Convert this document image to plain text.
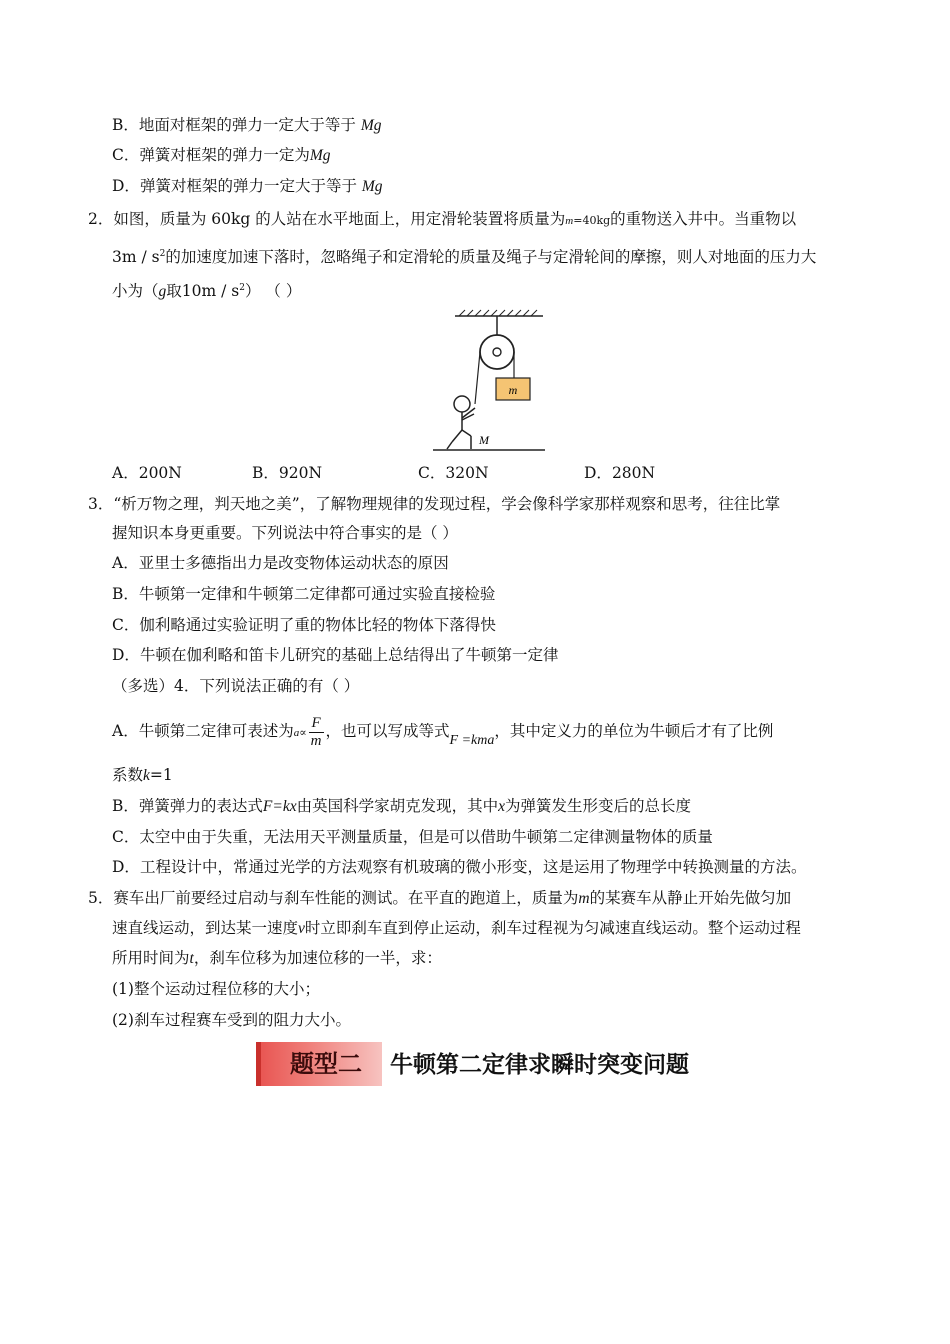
B．地面对框架的弹力一定大于等于 Mg
C．弹簧对框架的弹力一定为Mg
D．弹簧对框架的弹力一定大于等于 Mg
2．如图，质量为 60kg 的人站在水平地面上，用定滑轮装置将质量为m=40kg的重物送入井中。当重物以
$3m / s^2$的加速度加速下落时，忽略绳子和定滑轮的质量及绳子与定滑轮间的摩擦，则人对地面的压力大
小为（g取$10m / s^2$） （ ）
m
M
A．200N	B．920N	C．320N	D．280N
3．“析万物之理，判天地之美”，了解物理规律的发现过程，学会像科学家那样观察和思考，往往比掌
握知识本身更重要。下列说法中符合事实的是（ ）
A．亚里士多德指出力是改变物体运动状态的原因
B．牛顿第一定律和牛顿第二定律都可通过实验直接检验
C．伽利略通过实验证明了重的物体比轻的物体下落得快
D．牛顿在伽利略和笛卡儿研究的基础上总结得出了牛顿第一定律
（多选）4．下列说法正确的有（ ）
A．牛顿第二定律可表述为$a\propto \frac{F}{m}$ ，也可以写成等式F =kma，其中定义力的单位为牛顿后才有了比例
系数k=1
B．弹簧弹力的表达式F=kx由英国科学家胡克发现，其中x为弹簧发生形变后的总长度
C．太空中由于失重，无法用天平测量质量，但是可以借助牛顿第二定律测量物体的质量
D．工程设计中，常通过光学的方法观察有机玻璃的微小形变，这是运用了物理学中转换测量的方法。
5．赛车出厂前要经过启动与刹车性能的测试。在平直的跑道上，质量为m的某赛车从静止开始先做匀加
速直线运动，到达某一速度v时立即刹车直到停止运动，刹车过程视为匀减速直线运动。整个运动过程
所用时间为t，刹车位移为加速位移的一半，求：
(1)整个运动过程位移的大小；
(2)刹车过程赛车受到的阻力大小。
题型二	牛顿第二定律求瞬时突变问题
